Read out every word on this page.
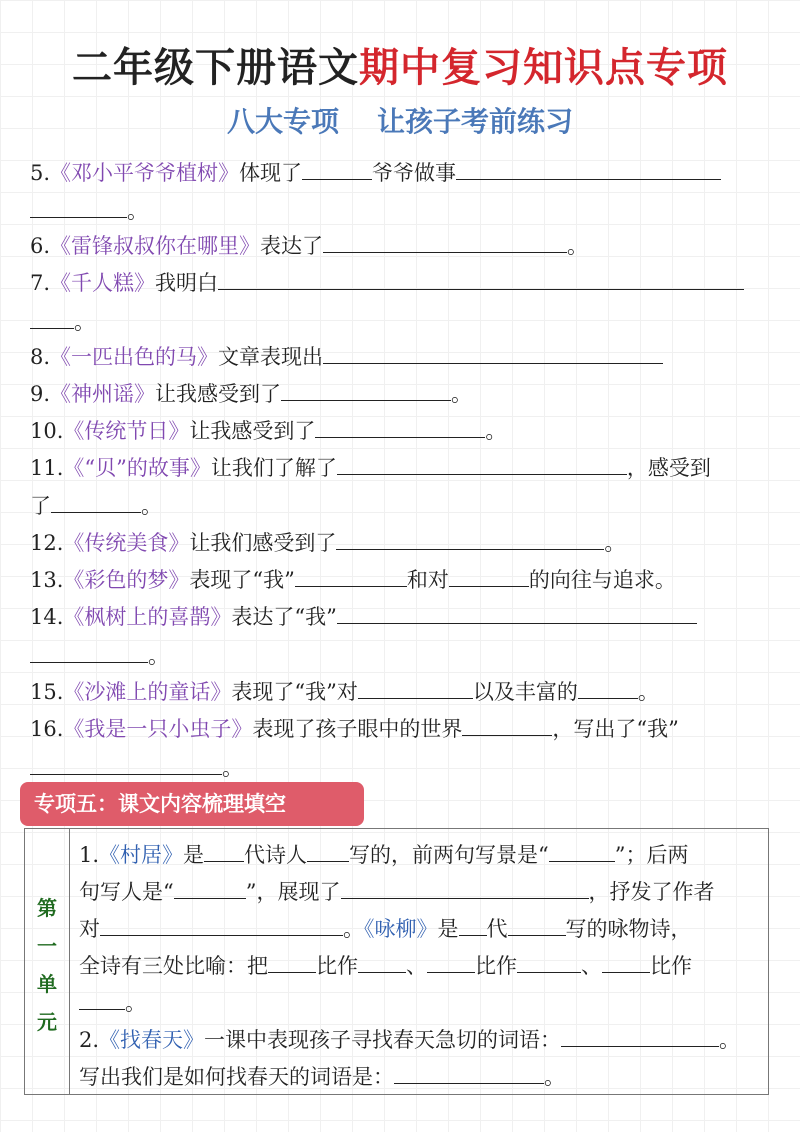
二年级下册语文期中复习知识点专项
八大专项 让孩子考前练习
5.《邓小平爷爷植树》体现了	爷爷做事
。
6.《雷锋叔叔你在哪里》表达了	。
7.《千人糕》我明白
。
8.《一匹出色的马》文章表现出
9.《神州谣》让我感受到了	。
10.《传统节日》让我感受到了	。
11.《“贝”的故事》让我们了解了	，感受到
了	。
12.《传统美食》让我们感受到了	。
13.《彩色的梦》表现了“我”	和对	的向往与追求。
14.《枫树上的喜鹊》表达了“我”
。
15.《沙滩上的童话》表现了“我”对	以及丰富的	。
16.《我是一只小虫子》表现了孩子眼中的世界	，写出了“我”
。
专项五：课文内容梳理填空
第一单元
1.《村居》是 代诗人 写的，前两句写景是“	”；后两
句写人是“	”，展现了	，抒发了作者
对	。《咏柳》是 代	写的咏物诗，
全诗有三处比喻：把 比作 、 比作	、 比作
。
2.《找春天》一课中表现孩子寻找春天急切的词语：	。
写出我们是如何找春天的词语是：	。
